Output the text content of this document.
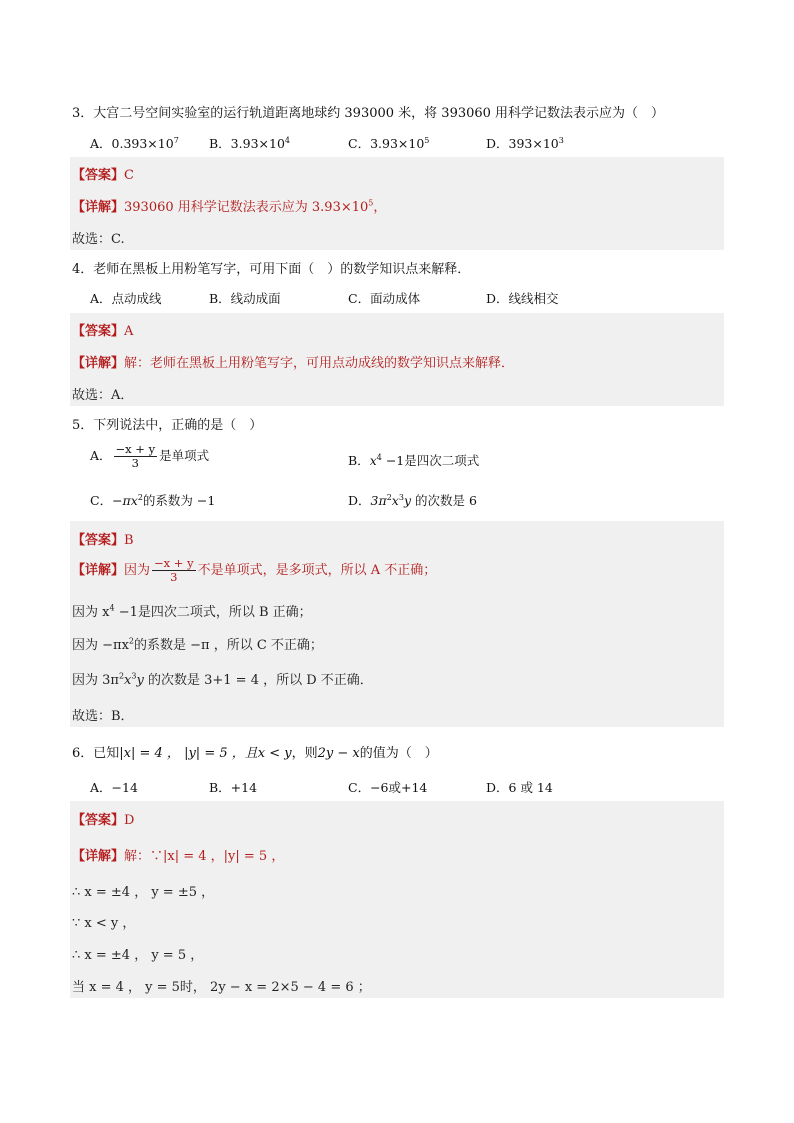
3．大宫二号空间实验室的运行轨道距离地球约 393000 米，将 393060 用科学记数法表示应为（　）
A．$0.393\times 10^7$ B．$3.93\times 10^4$	C．$3.93\times 10^5$	D．$393\times 10^3$
【答案】C
【详解】393060 用科学记数法表示应为 $3.93\times 10^5$，
故选：C.
4．老师在黑板上用粉笔写字，可用下面（　）的数学知识点来解释．
A．点动成线	B．线动成面	C．面动成体	D．线线相交
【答案】A
【详解】解：老师在黑板上用粉笔写字，可用点动成线的数学知识点来解释．
故选：A．
5．下列说法中，正确的是（　）
A． $\frac{-x + y}{3}$ 是单项式	B．$x^4 -1$是四次二项式
C．$-\pi x^2$的系数为 −1	D．$3\pi^2x^3y$ 的次数是 6
【答案】B
【详解】因为 $\frac{-x + y}{3}$ 不是单项式，是多项式，所以 A 不正确；
因为 $x^4 -1$是四次二项式，所以 B 正确；
因为 $-\pi x^2$的系数是 −π ，所以 C 不正确；
因为 $3\pi^2x^3y$ 的次数是 3+1 = 4 ，所以 D 不正确．
故选：B．
6．已知|x| = 4 ， |y| = 5 ，且x < y，则2y − x的值为（　）
A．−14	B．+14	C．−6或+14	D．6 或 14
【答案】D
【详解】解：∵|x| = 4 ，|y| = 5 ，
∴ x = ±4 ， y = ±5 ，
∵ x < y ，
∴ x = ±4 ， y = 5 ，
当 x = 4 ， y = 5时， 2y − x = 2×5 − 4 = 6 ；
